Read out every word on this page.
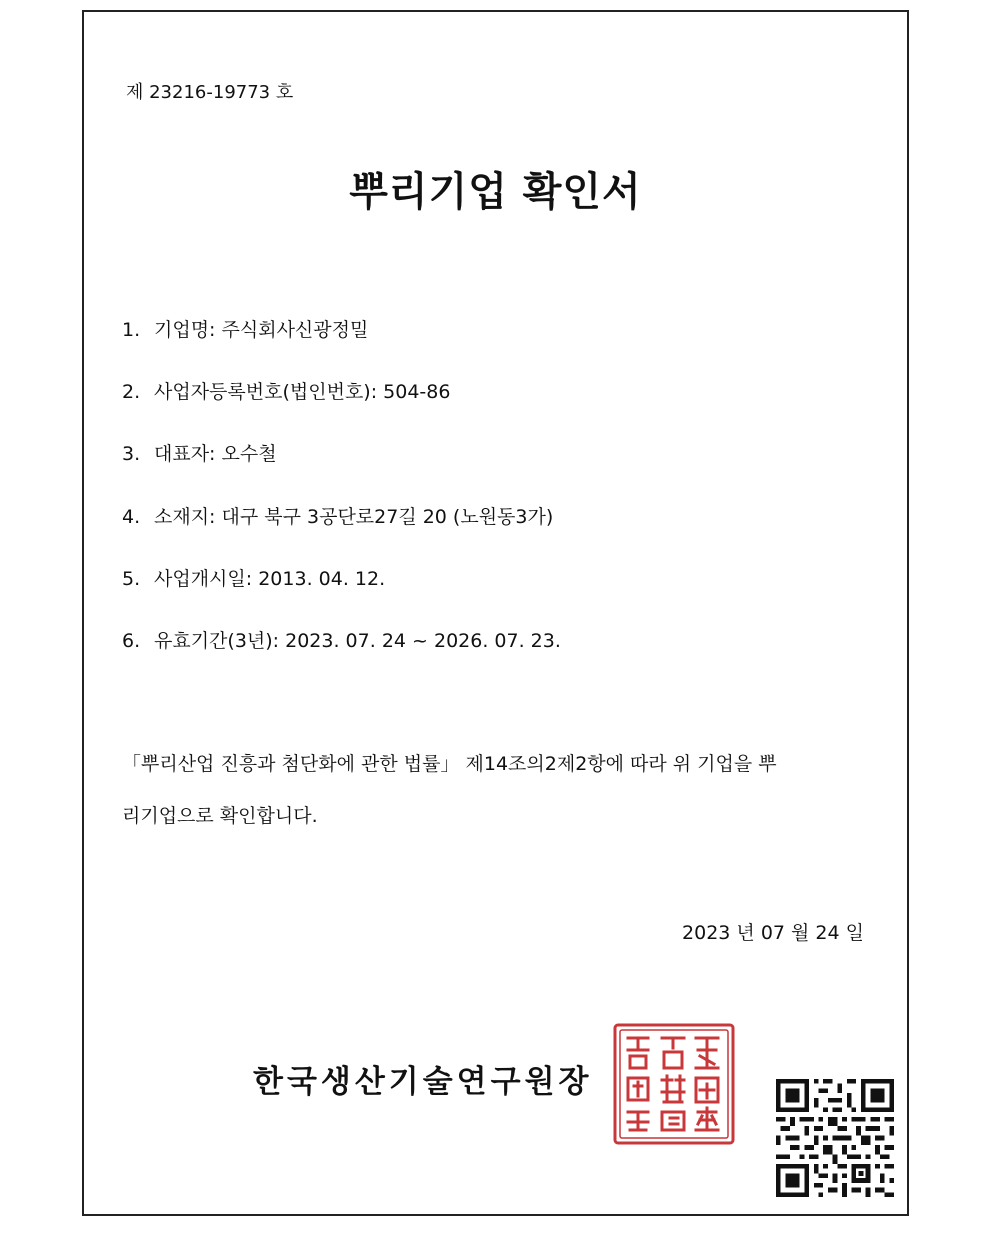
제 23216-19773 호
뿌리기업 확인서
1. 기업명: 주식회사신광정밀
2. 사업자등록번호(법인번호): 504-86
3. 대표자: 오수철
4. 소재지: 대구 북구 3공단로27길 20 (노원동3가)
5. 사업개시일: 2013. 04. 12.
6. 유효기간(3년): 2023. 07. 24 ~ 2026. 07. 23.
「뿌리산업 진흥과 첨단화에 관한 법률」 제14조의2제2항에 따라 위 기업을 뿌
리기업으로 확인합니다.
2023 년 07 월 24 일
한국생산기술연구원장
